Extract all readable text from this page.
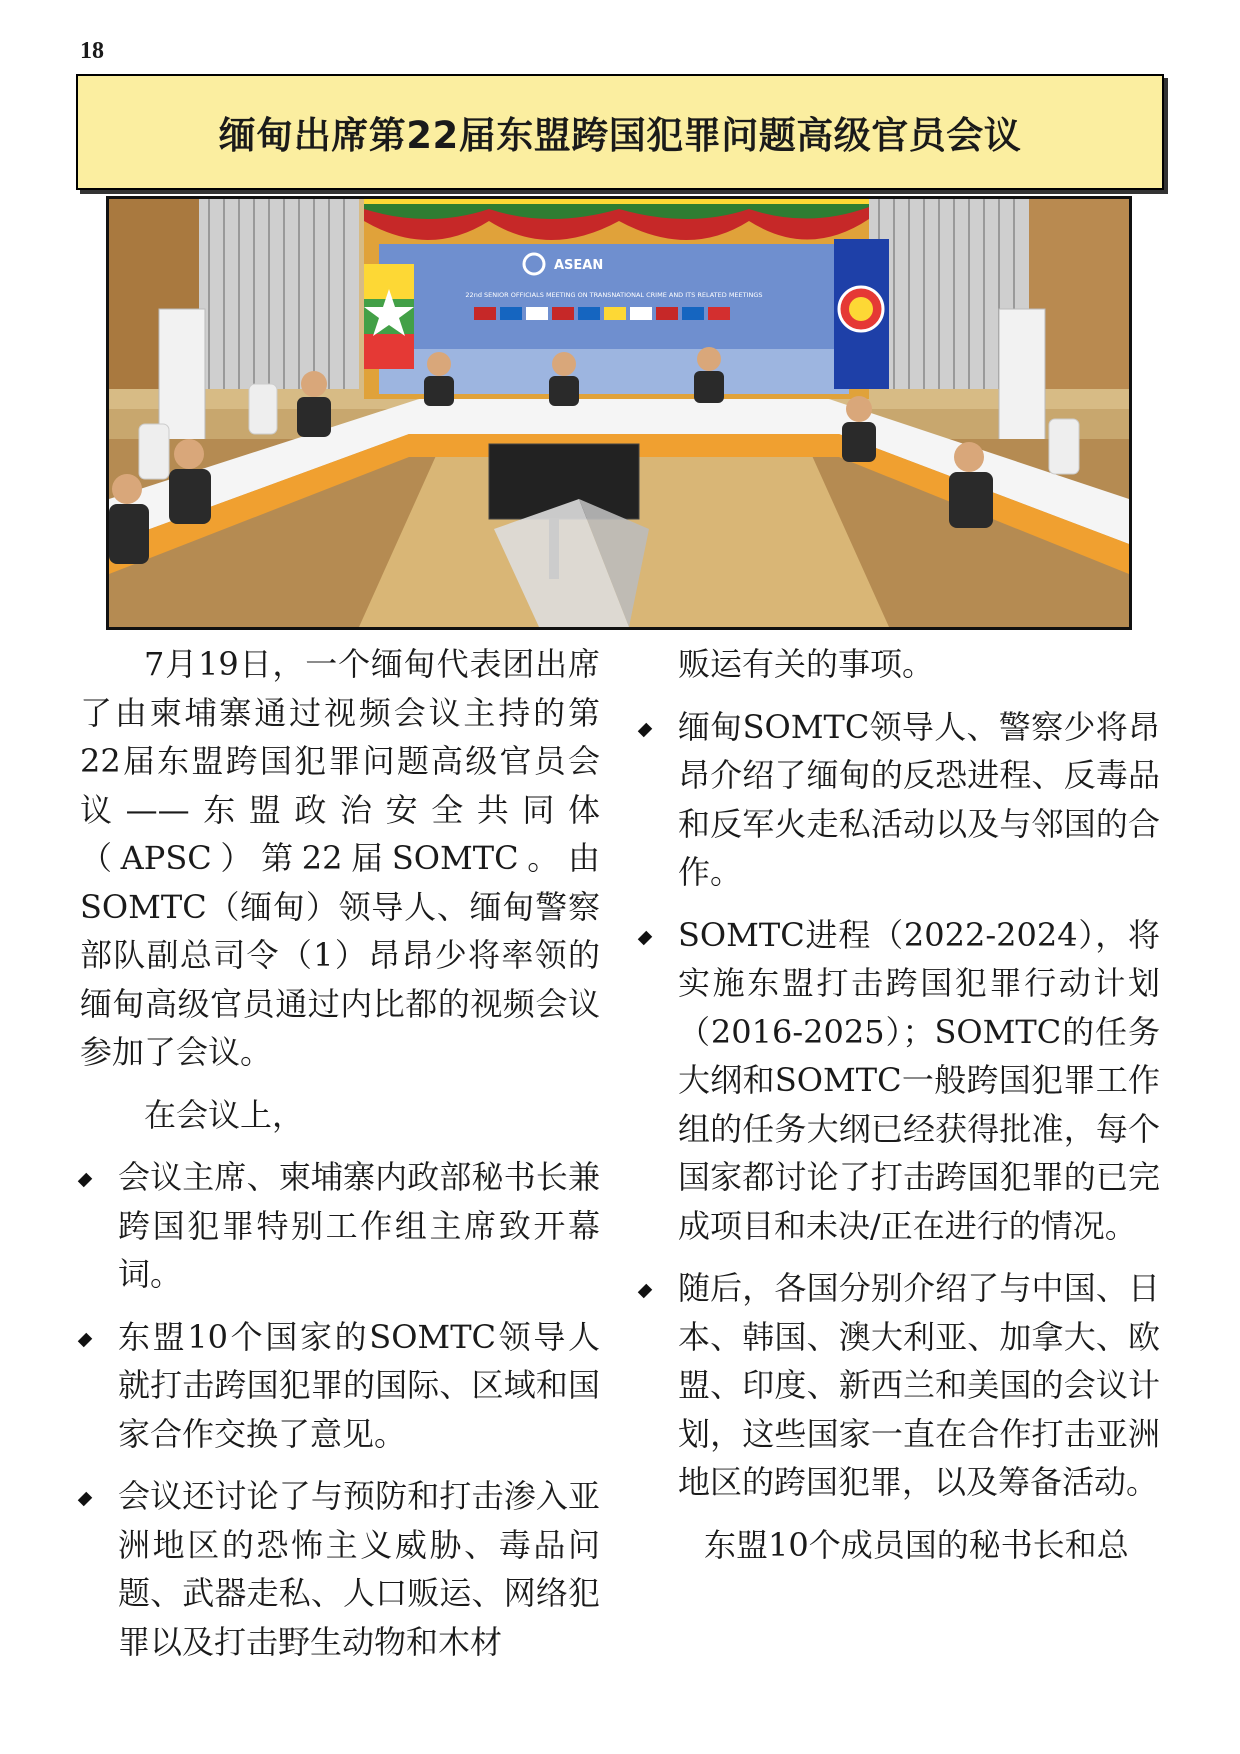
18
缅甸出席第22届东盟跨国犯罪问题高级官员会议
ASEAN
22nd SENIOR OFFICIALS MEETING ON TRANSNATIONAL CRIME AND ITS RELATED MEETINGS

7月19日，一个缅甸代表团出席了由柬埔寨通过视频会议主持的第22届东盟跨国犯罪问题高级官员会议——东盟政治安全共同体（APSC）第22届SOMTC。由SOMTC（缅甸）领导人、缅甸警察部队副总司令（1）昂昂少将率领的缅甸高级官员通过内比都的视频会议参加了会议。

在会议上，

会议主席、柬埔寨内政部秘书长兼跨国犯罪特别工作组主席致开幕词。
东盟10个国家的SOMTC领导人就打击跨国犯罪的国际、区域和国家合作交换了意见。
会议还讨论了与预防和打击渗入亚洲地区的恐怖主义威胁、毒品问题、武器走私、人口贩运、网络犯罪以及打击野生动物和木材

贩运有关的事项。

缅甸SOMTC领导人、警察少将昂昂介绍了缅甸的反恐进程、反毒品和反军火走私活动以及与邻国的合作。
SOMTC进程（2022-2024），将实施东盟打击跨国犯罪行动计划（2016-2025）；SOMTC的任务大纲和SOMTC一般跨国犯罪工作组的任务大纲已经获得批准，每个国家都讨论了打击跨国犯罪的已完成项目和未决/正在进行的情况。
随后，各国分别介绍了与中国、日本、韩国、澳大利亚、加拿大、欧盟、印度、新西兰和美国的会议计划，这些国家一直在合作打击亚洲地区的跨国犯罪，以及筹备活动。

东盟10个成员国的秘书长和总
